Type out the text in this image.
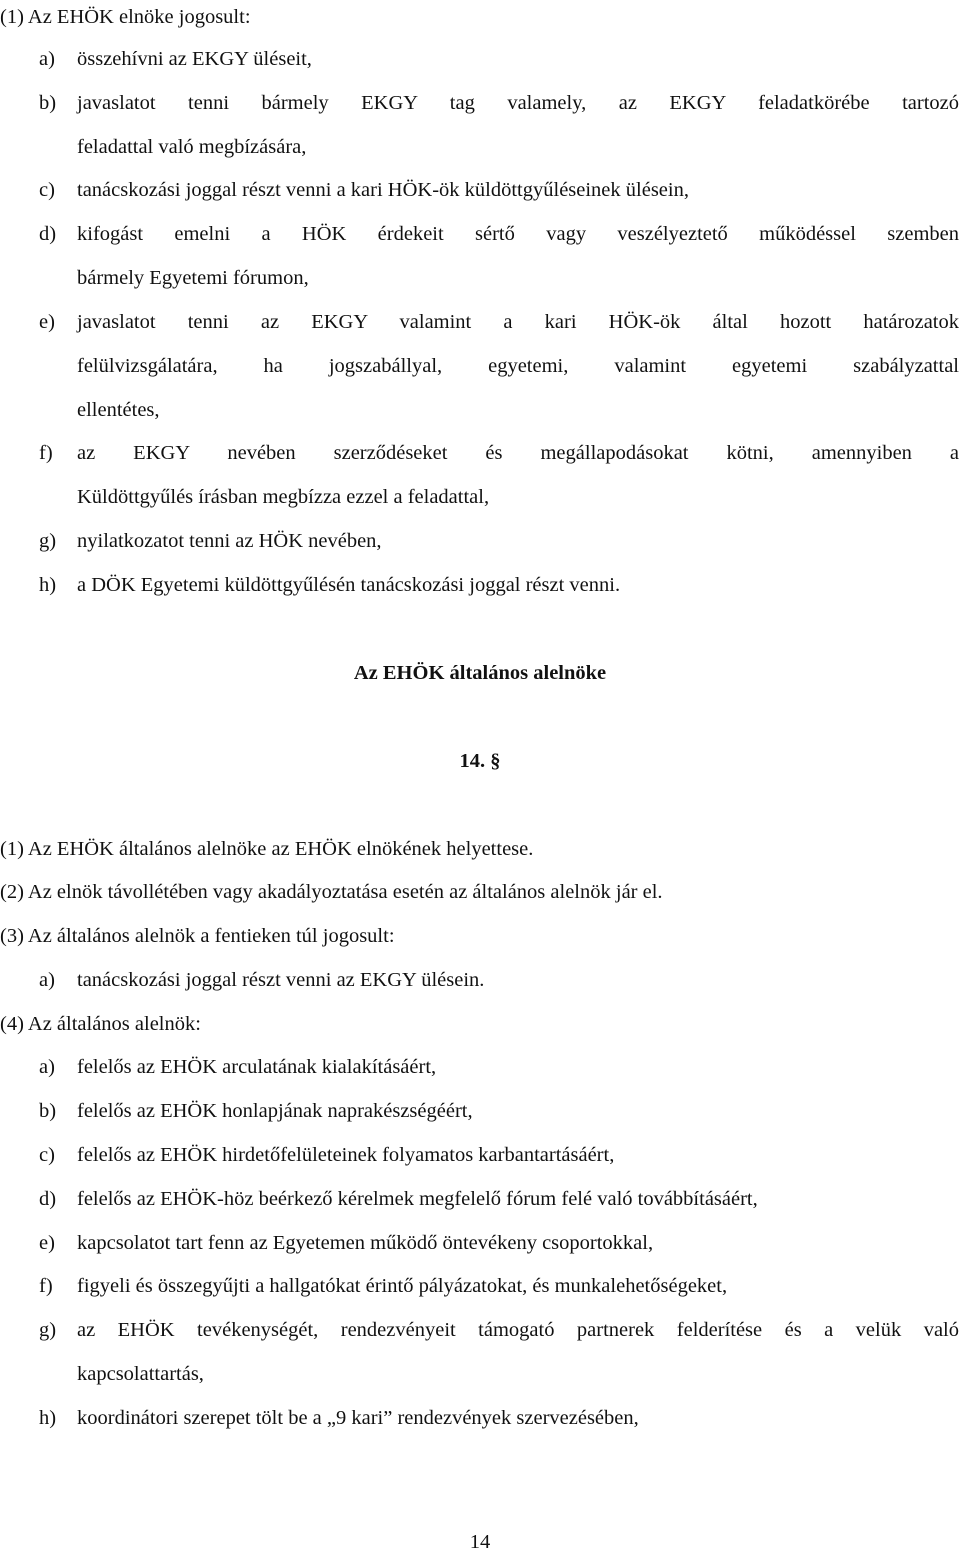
(1) Az EHÖK elnöke jogosult:
a) összehívni az EKGY üléseit,
b) javaslatot tenni bármely EKGY tag valamely, az EKGY feladatkörébe tartozó
feladattal való megbízására,
c) tanácskozási joggal részt venni a kari HÖK-ök küldöttgyűléseinek ülésein,
d) kifogást emelni a HÖK érdekeit sértő vagy veszélyeztető működéssel szemben
bármely Egyetemi fórumon,
e) javaslatot tenni az EKGY valamint a kari HÖK-ök által hozott határozatok
felülvizsgálatára, ha jogszabállyal, egyetemi, valamint egyetemi szabályzattal
ellentétes,
f) az EKGY nevében szerződéseket és megállapodásokat kötni, amennyiben a
Küldöttgyűlés írásban megbízza ezzel a feladattal,
g) nyilatkozatot tenni az HÖK nevében,
h) a DÖK Egyetemi küldöttgyűlésén tanácskozási joggal részt venni.
Az EHÖK általános alelnöke
14. §
(1) Az EHÖK általános alelnöke az EHÖK elnökének helyettese.
(2) Az elnök távollétében vagy akadályoztatása esetén az általános alelnök jár el.
(3) Az általános alelnök a fentieken túl jogosult:
a) tanácskozási joggal részt venni az EKGY ülésein.
(4) Az általános alelnök:
a) felelős az EHÖK arculatának kialakításáért,
b) felelős az EHÖK honlapjának naprakészségéért,
c) felelős az EHÖK hirdetőfelületeinek folyamatos karbantartásáért,
d) felelős az EHÖK-höz beérkező kérelmek megfelelő fórum felé való továbbításáért,
e) kapcsolatot tart fenn az Egyetemen működő öntevékeny csoportokkal,
f) figyeli és összegyűjti a hallgatókat érintő pályázatokat, és munkalehetőségeket,
g) az EHÖK tevékenységét, rendezvényeit támogató partnerek felderítése és a velük való
kapcsolattartás,
h) koordinátori szerepet tölt be a „9 kari” rendezvények szervezésében,
14
